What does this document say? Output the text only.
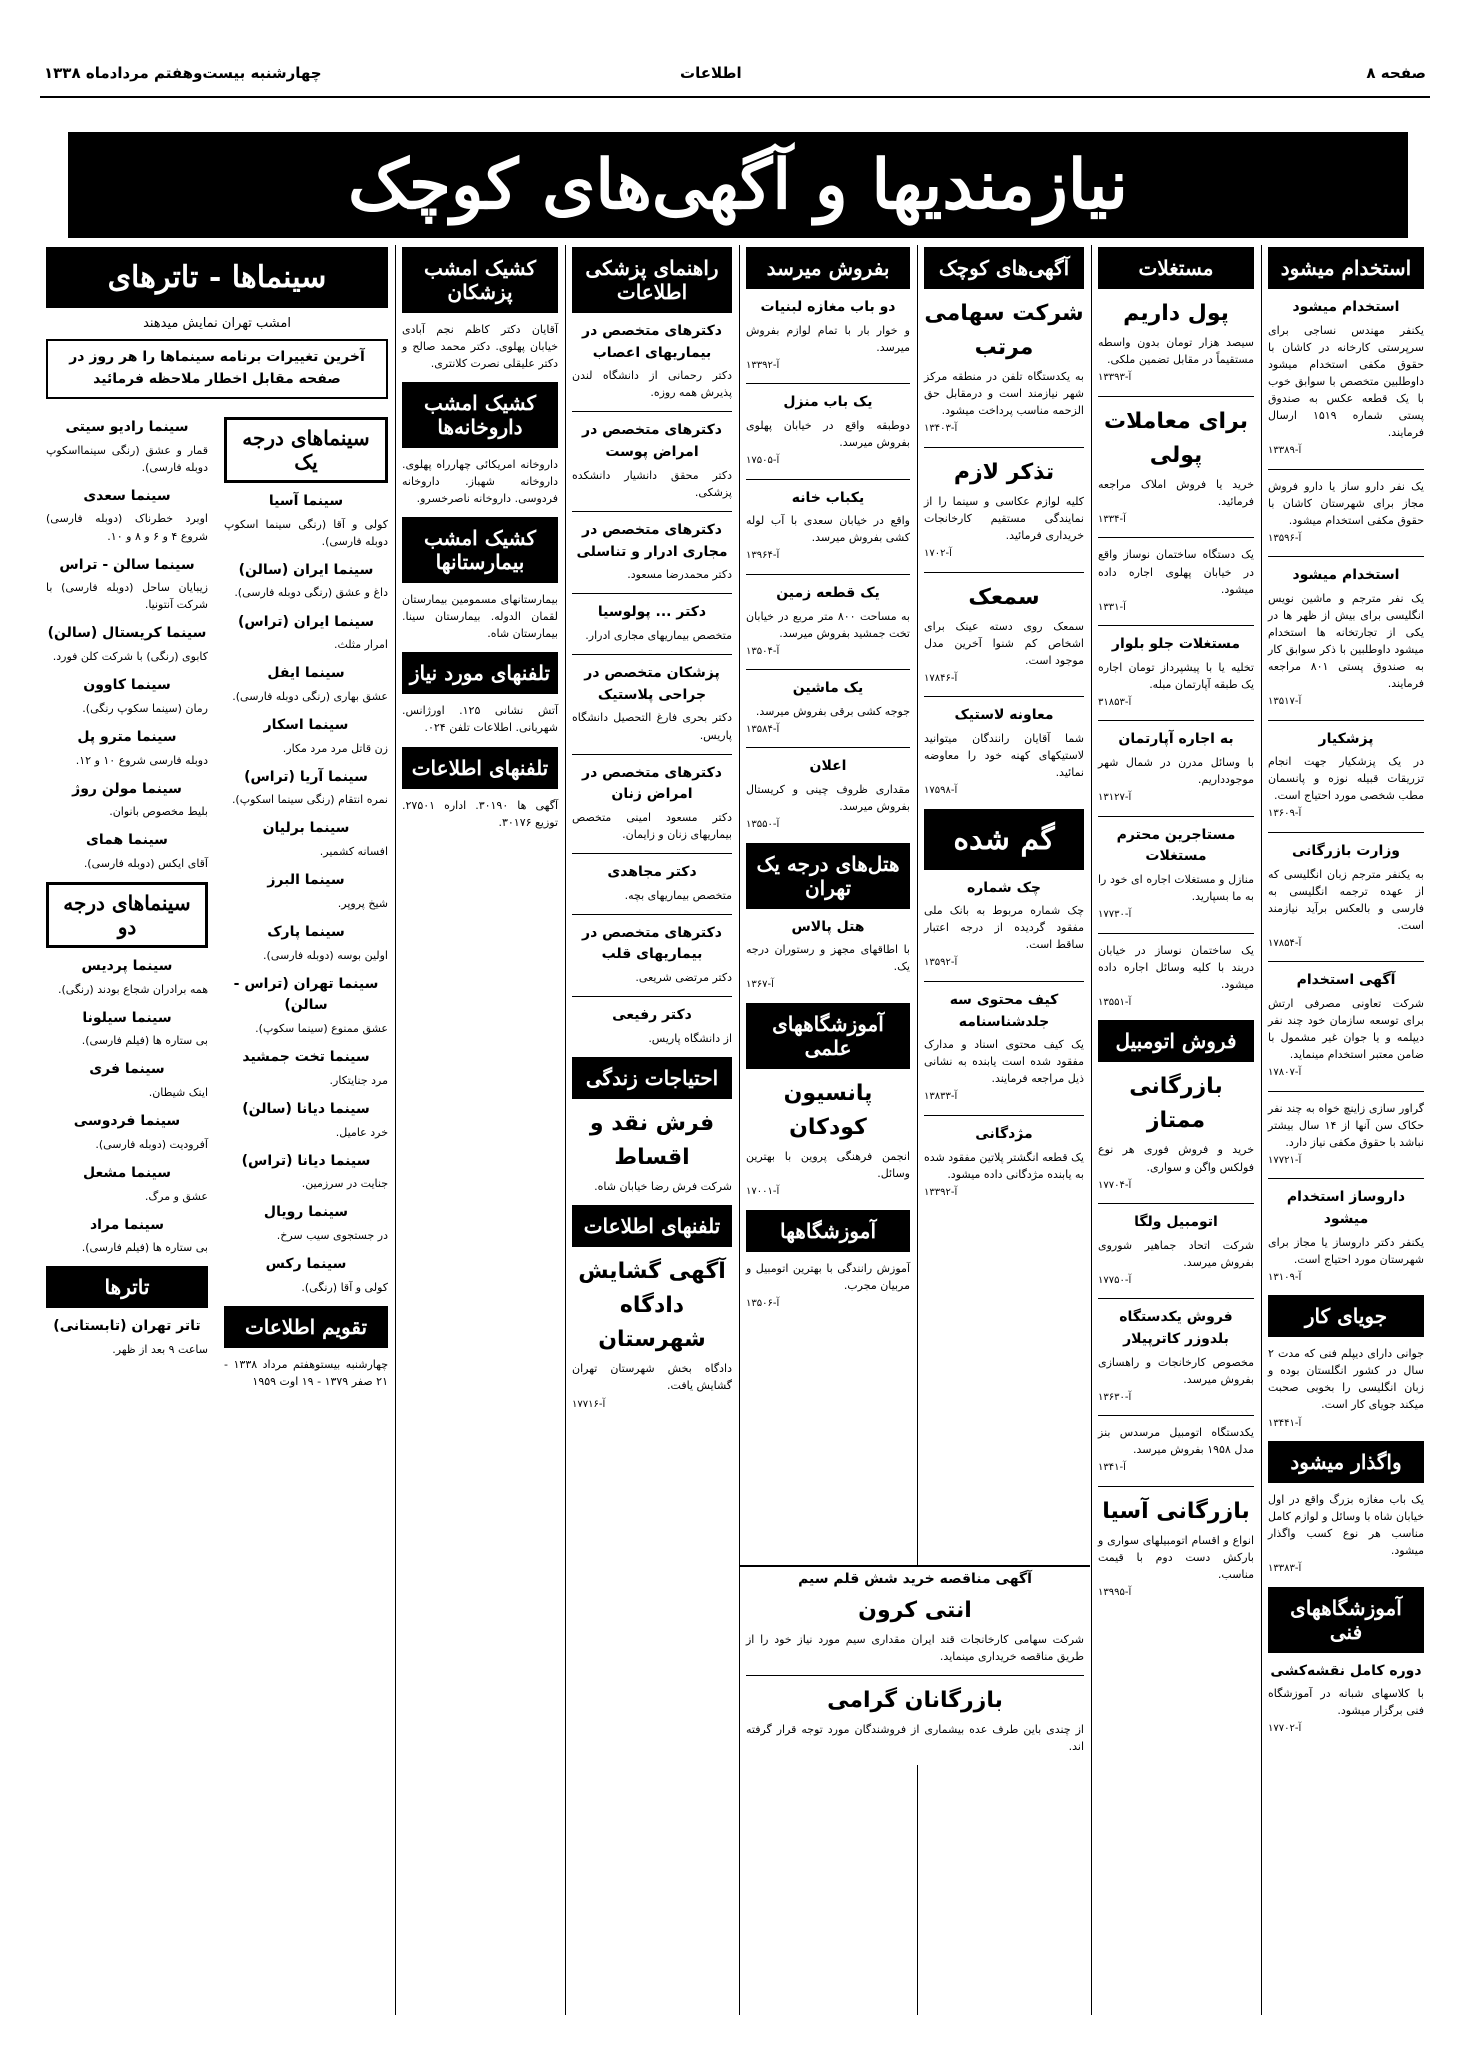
صفحه ۸
اطلاعات
چهارشنبه بیست‌وهفتم مردادماه ۱۳۳۸
نیازمندیها و آگهی‌های کوچک
استخدام میشود
استخدام میشود

یکنفر مهندس نساجی برای سرپرستی کارخانه در کاشان با حقوق مکفی استخدام میشود داوطلبین متخصص با سوابق خوب با یک قطعه عکس به صندوق پستی شماره ۱۵۱۹ ارسال فرمایند.

آ-۱۳۳۸۹

یک نفر دارو ساز یا دارو فروش مجاز برای شهرستان کاشان با حقوق مکفی استخدام میشود.

آ-۱۳۵۹۶
استخدام میشود

یک نفر مترجم و ماشین نویس انگلیسی برای بیش از ظهر ها در یکی از تجارتخانه ها استخدام میشود داوطلبین با ذکر سوابق کار به صندوق پستی ۸۰۱ مراجعه فرمایند.

آ-۱۳۵۱۷
پزشکیار

در یک پزشکیار جهت انجام تزریقات قبیله نوزه و پانسمان مطب شخصی مورد احتیاج است.

آ-۱۳۶۰۹
وزارت بازرگانی

به یکنفر مترجم زبان انگلیسی که از عهده ترجمه انگلیسی به فارسی و بالعکس برآید نیازمند است.

آ-۱۷۸۵۴
آگهی استخدام

شرکت تعاونی مصرفی ارتش برای توسعه سازمان خود چند نفر دیپلمه و یا جوان غیر مشمول با ضامن معتبر استخدام مینماید.

آ-۱۷۸۰۷

گراور سازی زاینچ خواه به چند نفر حکاک سن آنها از ۱۴ سال بیشتر نباشد با حقوق مکفی نیاز دارد.

آ-۱۷۷۲۱
داروساز استخدام میشود

یکنفر دکتر داروساز یا مجاز برای شهرستان مورد احتیاج است.

آ-۱۳۱۰۹
جویای کار

جوانی دارای دیپلم فنی که مدت ۲ سال در کشور انگلستان بوده و زبان انگلیسی را بخوبی صحبت میکند جویای کار است.

آ-۱۳۴۴۱
واگذار میشود

یک باب مغازه بزرگ واقع در اول خیابان شاه با وسائل و لوازم کامل مناسب هر نوع کسب واگذار میشود.

آ-۱۳۳۸۳
آموزشگاههای فنی
دوره کامل نقشه‌کشی

با کلاسهای شبانه در آموزشگاه فنی برگزار میشود.

آ-۱۷۷۰۲
مستغلات
پول داریم

سیصد هزار تومان بدون واسطه مستقیماً در مقابل تضمین ملکی.

آ-۱۳۳۹۳
برای معاملات پولی

خرید یا فروش املاک مراجعه فرمائید.

آ-۱۳۳۴

یک دستگاه ساختمان نوساز واقع در خیابان پهلوی اجاره داده میشود.

آ-۱۳۳۱
مستغلات جلو بلوار

تخلیه یا با پیشپرداز تومان اجاره یک طبقه آپارتمان مبله.

آ-۳۱۸۵۳
به اجاره آپارتمان

با وسائل مدرن در شمال شهر موجودداریم.

آ-۱۳۱۲۷
مستاجرین محترم مستغلات

منازل و مستغلات اجاره ای خود را به ما بسپارید.

آ-۱۷۷۳۰

یک ساختمان نوساز در خیابان دربند با کلیه وسائل اجاره داده میشود.

آ-۱۳۵۵۱
فروش اتومبیل
بازرگانی ممتاز

خرید و فروش فوری هر نوع فولکس واگن و سواری.

آ-۱۷۷۰۴
اتومبیل ولگا

شرکت اتحاد جماهیر شوروی بفروش میرسد.

آ-۱۷۷۵۰
فروش یکدستگاه بلدوزر کاترپیلار

مخصوص کارخانجات و راهسازی بفروش میرسد.

آ-۱۳۶۳۰

یکدستگاه اتومبیل مرسدس بنز مدل ۱۹۵۸ بفروش میرسد.

آ-۱۳۴۱
بازرگانی آسیا

انواع و اقسام اتومبیلهای سواری و بارکش دست دوم با قیمت مناسب.

آ-۱۳۹۹۵
آگهی‌های کوچک
شرکت سهامی مرتب

به یکدستگاه تلفن در منطقه مرکز شهر نیازمند است و درمقابل حق الزحمه مناسب پرداخت میشود.

آ-۱۳۴۰۳
تذکر لازم

کلیه لوازم عکاسی و سینما را از نمایندگی مستقیم کارخانجات خریداری فرمائید.

آ-۱۷۰۲
سمعک

سمعک روی دسته عینک برای اشخاص کم شنوا آخرین مدل موجود است.

آ-۱۷۸۴۶
معاونه لاستیک

شما آقایان رانندگان میتوانید لاستیکهای کهنه خود را معاوضه نمائید.

آ-۱۷۵۹۸
گم شده
چک شماره

چک شماره مربوط به بانک ملی مفقود گردیده از درجه اعتبار ساقط است.

آ-۱۳۵۹۲
کیف محتوی سه جلدشناسنامه

یک کیف محتوی اسناد و مدارک مفقود شده است یابنده به نشانی ذیل مراجعه فرمایند.

آ-۱۳۸۳۳
مژدگانی

یک قطعه انگشتر پلاتین مفقود شده به یابنده مژدگانی داده میشود.

آ-۱۳۳۹۲
بفروش میرسد
دو باب مغازه لبنیات

و خوار بار با تمام لوازم بفروش میرسد.

آ-۱۳۳۹۲
یک باب منزل

دوطبقه واقع در خیابان پهلوی بفروش میرسد.

آ-۱۷۵۰۵
یکباب خانه

واقع در خیابان سعدی با آب لوله کشی بفروش میرسد.

آ-۱۳۹۶۴
یک قطعه زمین

به مساحت ۸۰۰ متر مربع در خیابان تخت جمشید بفروش میرسد.

آ-۱۳۵۰۴
یک ماشین

جوجه کشی برقی بفروش میرسد.

آ-۱۳۵۸۴
اعلان

مقداری ظروف چینی و کریستال بفروش میرسد.

آ-۱۳۵۵۰
هتل‌های درجه یک تهران
هتل پالاس

با اطاقهای مجهز و رستوران درجه یک.

آ-۱۳۶۷
آموزشگاههای علمی
پانسیون کودکان

انجمن فرهنگی پروین با بهترین وسائل.

آ-۱۷۰۰۱
آموزشگاهها

آموزش رانندگی با بهترین اتومبیل و مربیان مجرب.

آ-۱۳۵۰۶
راهنمای پزشکی اطلاعات
دکترهای متخصص در بیماریهای اعصاب

دکتر رحمانی از دانشگاه لندن پذیرش همه روزه.

دکترهای متخصص در امراض پوست

دکتر محقق دانشیار دانشکده پزشکی.

دکترهای متخصص در مجاری ادرار و تناسلی

دکتر محمدرضا مسعود.

دکتر ... پولوسیا

متخصص بیماریهای مجاری ادرار.

پزشکان متخصص در جراحی پلاستیک

دکتر بحری فارغ التحصیل دانشگاه پاریس.

دکترهای متخصص در امراض زنان

دکتر مسعود امینی متخصص بیماریهای زنان و زایمان.

دکتر مجاهدی

متخصص بیماریهای بچه.

دکترهای متخصص در بیماریهای قلب

دکتر مرتضی شریعی.

دکتر رفیعی

از دانشگاه پاریس.

احتیاجات زندگی
فرش نقد و اقساط

شرکت فرش رضا خیابان شاه.

تلفنهای اطلاعات
آگهی گشایش دادگاه شهرستان

دادگاه بخش شهرستان تهران گشایش یافت.

آ-۱۷۷۱۶
کشیک امشب پزشکان

آقایان دکتر کاظم نجم آبادی خیابان پهلوی. دکتر محمد صالح و دکتر علیقلی نصرت کلانتری.

کشیک امشب داروخانه‌ها

داروخانه امریکائی چهارراه پهلوی. داروخانه شهباز. داروخانه فردوسی. داروخانه ناصرخسرو.

کشیک امشب بیمارستانها

بیمارستانهای مسمومین بیمارستان لقمان الدوله. بیمارستان سینا. بیمارستان شاه.

تلفنهای مورد نیاز

آتش نشانی ۱۲۵. اورژانس. شهربانی. اطلاعات تلفن ۰۲۴.

تلفنهای اطلاعات

آگهی ها ۳۰۱۹۰. اداره ۲۷۵۰۱. توزیع ۳۰۱۷۶.

سینماها - تاترهای
امشب تهران نمایش میدهند
آخرین تغییرات برنامه سینماها را هر روز در صفحه مقابل اخطار ملاحظه فرمائید
سینماهای درجه یک
سینما آسیا

کولی و آقا (رنگی سینما اسکوپ دوبله فارسی).

سینما ایران (سالن)

داغ و عشق (رنگی دوبله فارسی).

سینما ایران (تراس)

امرار مثلث.

سینما ایفل

عشق بهاری (رنگی دوبله فارسی).

سینما اسکار

زن قاتل مرد مرد مکار.

سینما آریا (تراس)

نمره انتقام (رنگی سینما اسکوپ).

سینما برلیان

افسانه کشمیر.

سینما البرز

شیخ پروپر.

سینما پارک

اولین بوسه (دوبله فارسی).

سینما تهران (تراس - سالن)

عشق ممنوع (سینما سکوپ).

سینما تخت جمشید

مرد جنایتکار.

سینما دیانا (سالن)

خرد عامیل.

سینما دیانا (تراس)

جنایت در سرزمین.

سینما رویال

در جستجوی سیب سرخ.

سینما رکس

کولی و آقا (رنگی).

تقویم اطلاعات

چهارشنبه بیستوهفتم مرداد ۱۳۳۸ - ۲۱ صفر ۱۳۷۹ - ۱۹ اوت ۱۹۵۹

سینما رادیو سیتی

قمار و عشق (رنگی سینمااسکوپ دوبله فارسی).

سینما سعدی

اوبرد خطرناک (دوبله فارسی) شروع ۴ و ۶ و ۸ و ۱۰.

سینما سالن - تراس

زیبایان ساحل (دوبله فارسی) با شرکت آنتونیا.

سینما کریستال (سالن)

کابوی (رنگی) با شرکت کلن فورد.

سینما کاوون

رمان (سینما سکوپ رنگی).

سینما مترو پل

دوبله فارسی شروع ۱۰ و ۱۲.

سینما مولن روژ

بلیط مخصوص بانوان.

سینما همای

آقای ایکس (دوبله فارسی).

سینماهای درجه دو
سینما پردیس

همه برادران شجاع بودند (رنگی).

سینما سیلونا

بی ستاره ها (فیلم فارسی).

سینما فری

اینک شیطان.

سینما فردوسی

آفرودیت (دوبله فارسی).

سینما مشعل

عشق و مرگ.

سینما مراد

بی ستاره ها (فیلم فارسی).

تاترها
تاتر تهران (تابستانی)

ساعت ۹ بعد از ظهر.

آگهی مناقصه خرید شش قلم سیم
انتی کرون

شرکت سهامی کارخانجات قند ایران مقداری سیم مورد نیاز خود را از طریق مناقصه خریداری مینماید.

بازرگانان گرامی

از چندی باین طرف عده بیشماری از فروشندگان مورد توجه قرار گرفته اند.
